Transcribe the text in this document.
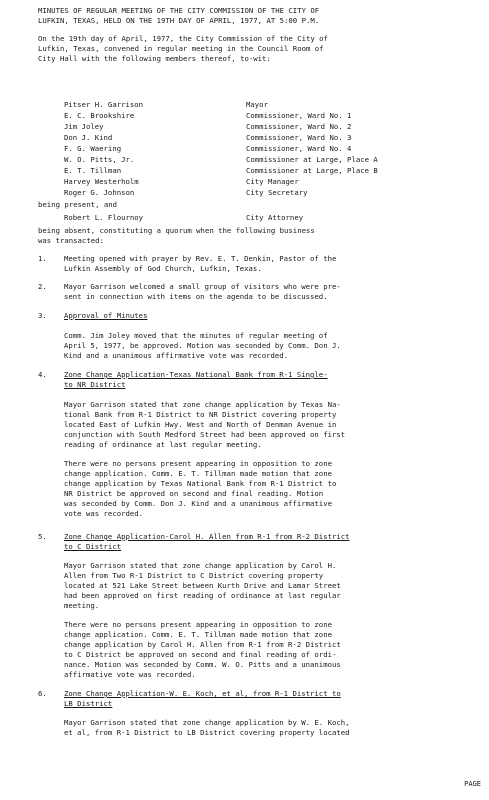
MINUTES OF REGULAR MEETING OF THE CITY COMMISSION OF THE CITY OF
LUFKIN, TEXAS, HELD ON THE 19TH DAY OF APRIL, 1977, AT 5:00 P.M.
On the 19th day of April, 1977, the City Commission of the City of
Lufkin, Texas, convened in regular meeting in the Council Room of
City Hall with the following members thereof, to-wit:
Pitser H. Garrison	Mayor
E. C. Brookshire	Commissioner, Ward No. 1
Jim Joley	Commissioner, Ward No. 2
Don J. Kind	Commissioner, Ward No. 3
F. G. Waering	Commissioner, Ward No. 4
W. O. Pitts, Jr.	Commissioner at Large, Place A
E. T. Tillman	Commissioner at Large, Place B
Harvey Westerholm	City Manager
Roger G. Johnson	City Secretary
being present, and
Robert L. Flournoy	City Attorney
being absent, constituting a quorum when the following business
was transacted:
1. Meeting opened with prayer by Rev. E. T. Denkin, Pastor of the
Lufkin Assembly of God Church, Lufkin, Texas.
2. Mayor Garrison welcomed a small group of visitors who were pre-
sent in connection with items on the agenda to be discussed.
3. Approval of Minutes
Comm. Jim Joley moved that the minutes of regular meeting of
April 5, 1977, be approved. Motion was seconded by Comm. Don J.
Kind and a unanimous affirmative vote was recorded.
4. Zone Change Application-Texas National Bank from R-1 Single-
to NR District
Mayor Garrison stated that zone change application by Texas Na-
tional Bank from R-1 District to NR District covering property
located East of Lufkin Hwy. West and North of Denman Avenue in
conjunction with South Medford Street had been approved on first
reading of ordinance at last regular meeting.
There were no persons present appearing in opposition to zone
change application. Comm. E. T. Tillman made motion that zone
change application by Texas National Bank from R-1 District to
NR District be approved on second and final reading. Motion
was seconded by Comm. Don J. Kind and a unanimous affirmative
vote was recorded.
5. Zone Change Application-Carol H. Allen from R-1 from R-2 District
to C District
Mayor Garrison stated that zone change application by Carol H.
Allen from Two R-1 District to C District covering property
located at 521 Lake Street between Kurth Drive and Lamar Street
had been approved on first reading of ordinance at last regular
meeting.
There were no persons present appearing in opposition to zone
change application. Comm. E. T. Tillman made motion that zone
change application by Carol H. Allen from R-1 from R-2 District
to C District be approved on second and final reading of ordi-
nance. Motion was seconded by Comm. W. O. Pitts and a unanimous
affirmative vote was recorded.
6. Zone Change Application-W. E. Koch, et al, from R-1 District to
LB District
Mayor Garrison stated that zone change application by W. E. Koch,
et al, from R-1 District to LB District covering property located
PAGE
